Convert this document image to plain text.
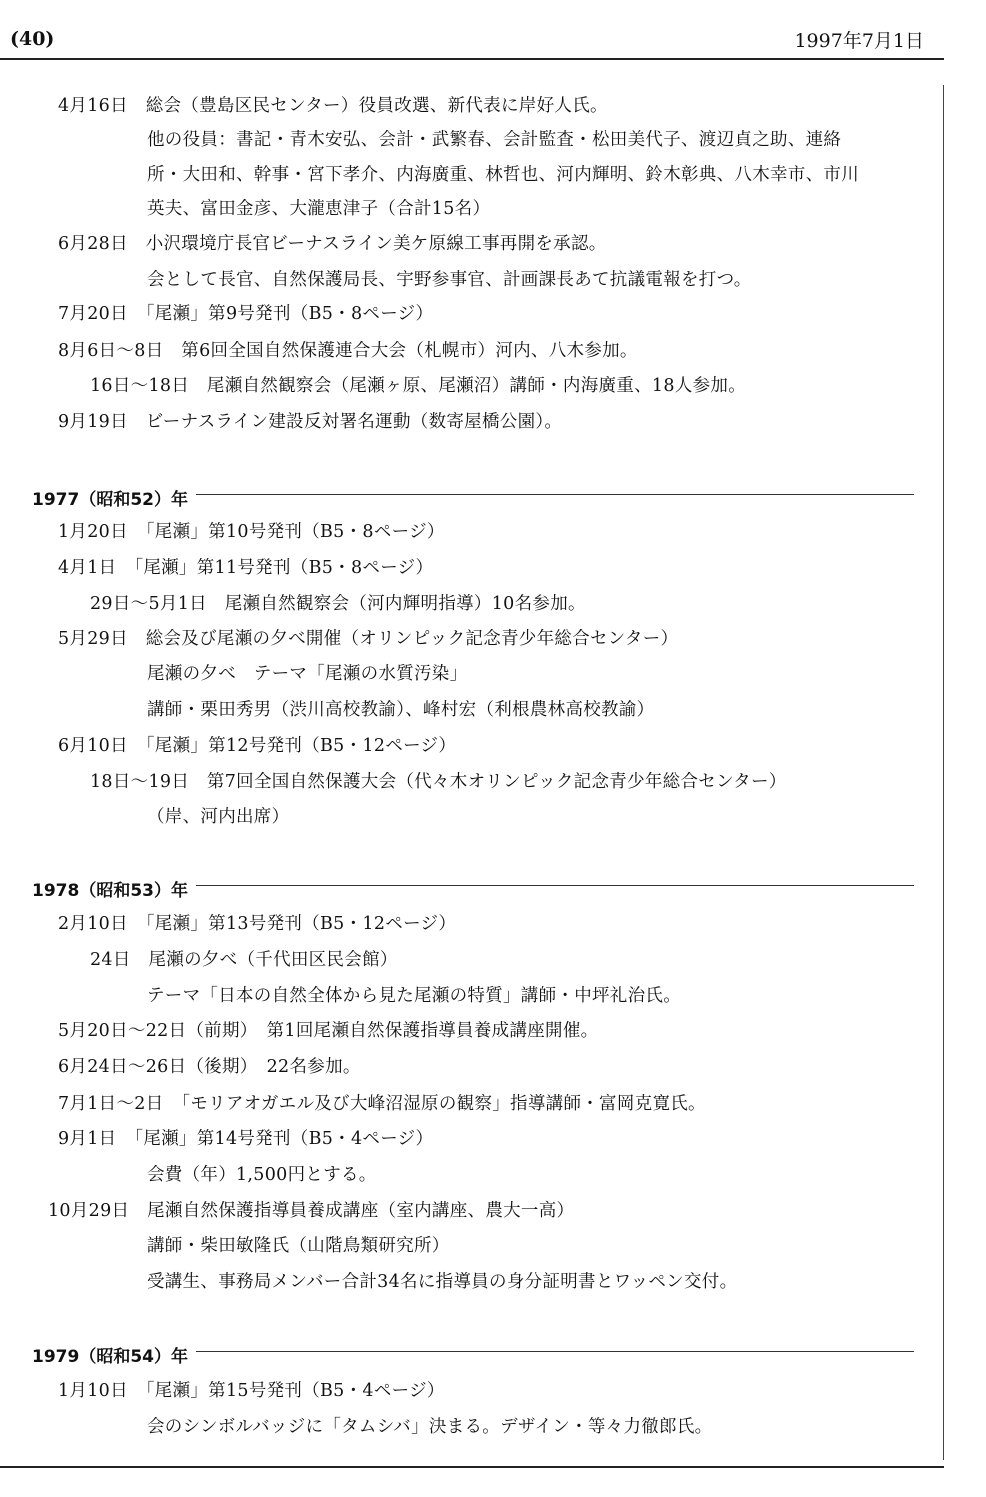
(40)	1997年7月1日
4月16日　総会（豊島区民センター）役員改選、新代表に岸好人氏。
他の役員：書記・青木安弘、会計・武繁春、会計監査・松田美代子、渡辺貞之助、連絡
所・大田和、幹事・宮下孝介、内海廣重、林哲也、河内輝明、鈴木彰典、八木幸市、市川
英夫、富田金彦、大瀧恵津子（合計15名）
6月28日　小沢環境庁長官ビーナスライン美ケ原線工事再開を承認。
会として長官、自然保護局長、宇野参事官、計画課長あて抗議電報を打つ。
7月20日　「尾瀬」第9号発刊（B5・8ページ）
8月6日〜8日　第6回全国自然保護連合大会（札幌市）河内、八木参加。
16日〜18日　尾瀬自然観察会（尾瀬ヶ原、尾瀬沼）講師・内海廣重、18人参加。
9月19日　ビーナスライン建設反対署名運動（数寄屋橋公園）。
1977（昭和52）年
1月20日　「尾瀬」第10号発刊（B5・8ページ）
4月1日　「尾瀬」第11号発刊（B5・8ページ）
29日〜5月1日　尾瀬自然観察会（河内輝明指導）10名参加。
5月29日　総会及び尾瀬の夕べ開催（オリンピック記念青少年総合センター）
尾瀬の夕べ　テーマ「尾瀬の水質汚染」
講師・栗田秀男（渋川高校教諭）、峰村宏（利根農林高校教諭）
6月10日　「尾瀬」第12号発刊（B5・12ページ）
18日〜19日　第7回全国自然保護大会（代々木オリンピック記念青少年総合センター）
（岸、河内出席）
1978（昭和53）年
2月10日　「尾瀬」第13号発刊（B5・12ページ）
24日　尾瀬の夕べ（千代田区民会館）
テーマ「日本の自然全体から見た尾瀬の特質」講師・中坪礼治氏。
5月20日〜22日（前期）　第1回尾瀬自然保護指導員養成講座開催。
6月24日〜26日（後期）　22名参加。
7月1日〜2日　「モリアオガエル及び大峰沼湿原の観察」指導講師・富岡克寛氏。
9月1日　「尾瀬」第14号発刊（B5・4ページ）
会費（年）1,500円とする。
10月29日　尾瀬自然保護指導員養成講座（室内講座、農大一高）
講師・柴田敏隆氏（山階鳥類研究所）
受講生、事務局メンバー合計34名に指導員の身分証明書とワッペン交付。
1979（昭和54）年
1月10日　「尾瀬」第15号発刊（B5・4ページ）
会のシンボルバッジに「タムシバ」決まる。デザイン・等々力徹郎氏。
